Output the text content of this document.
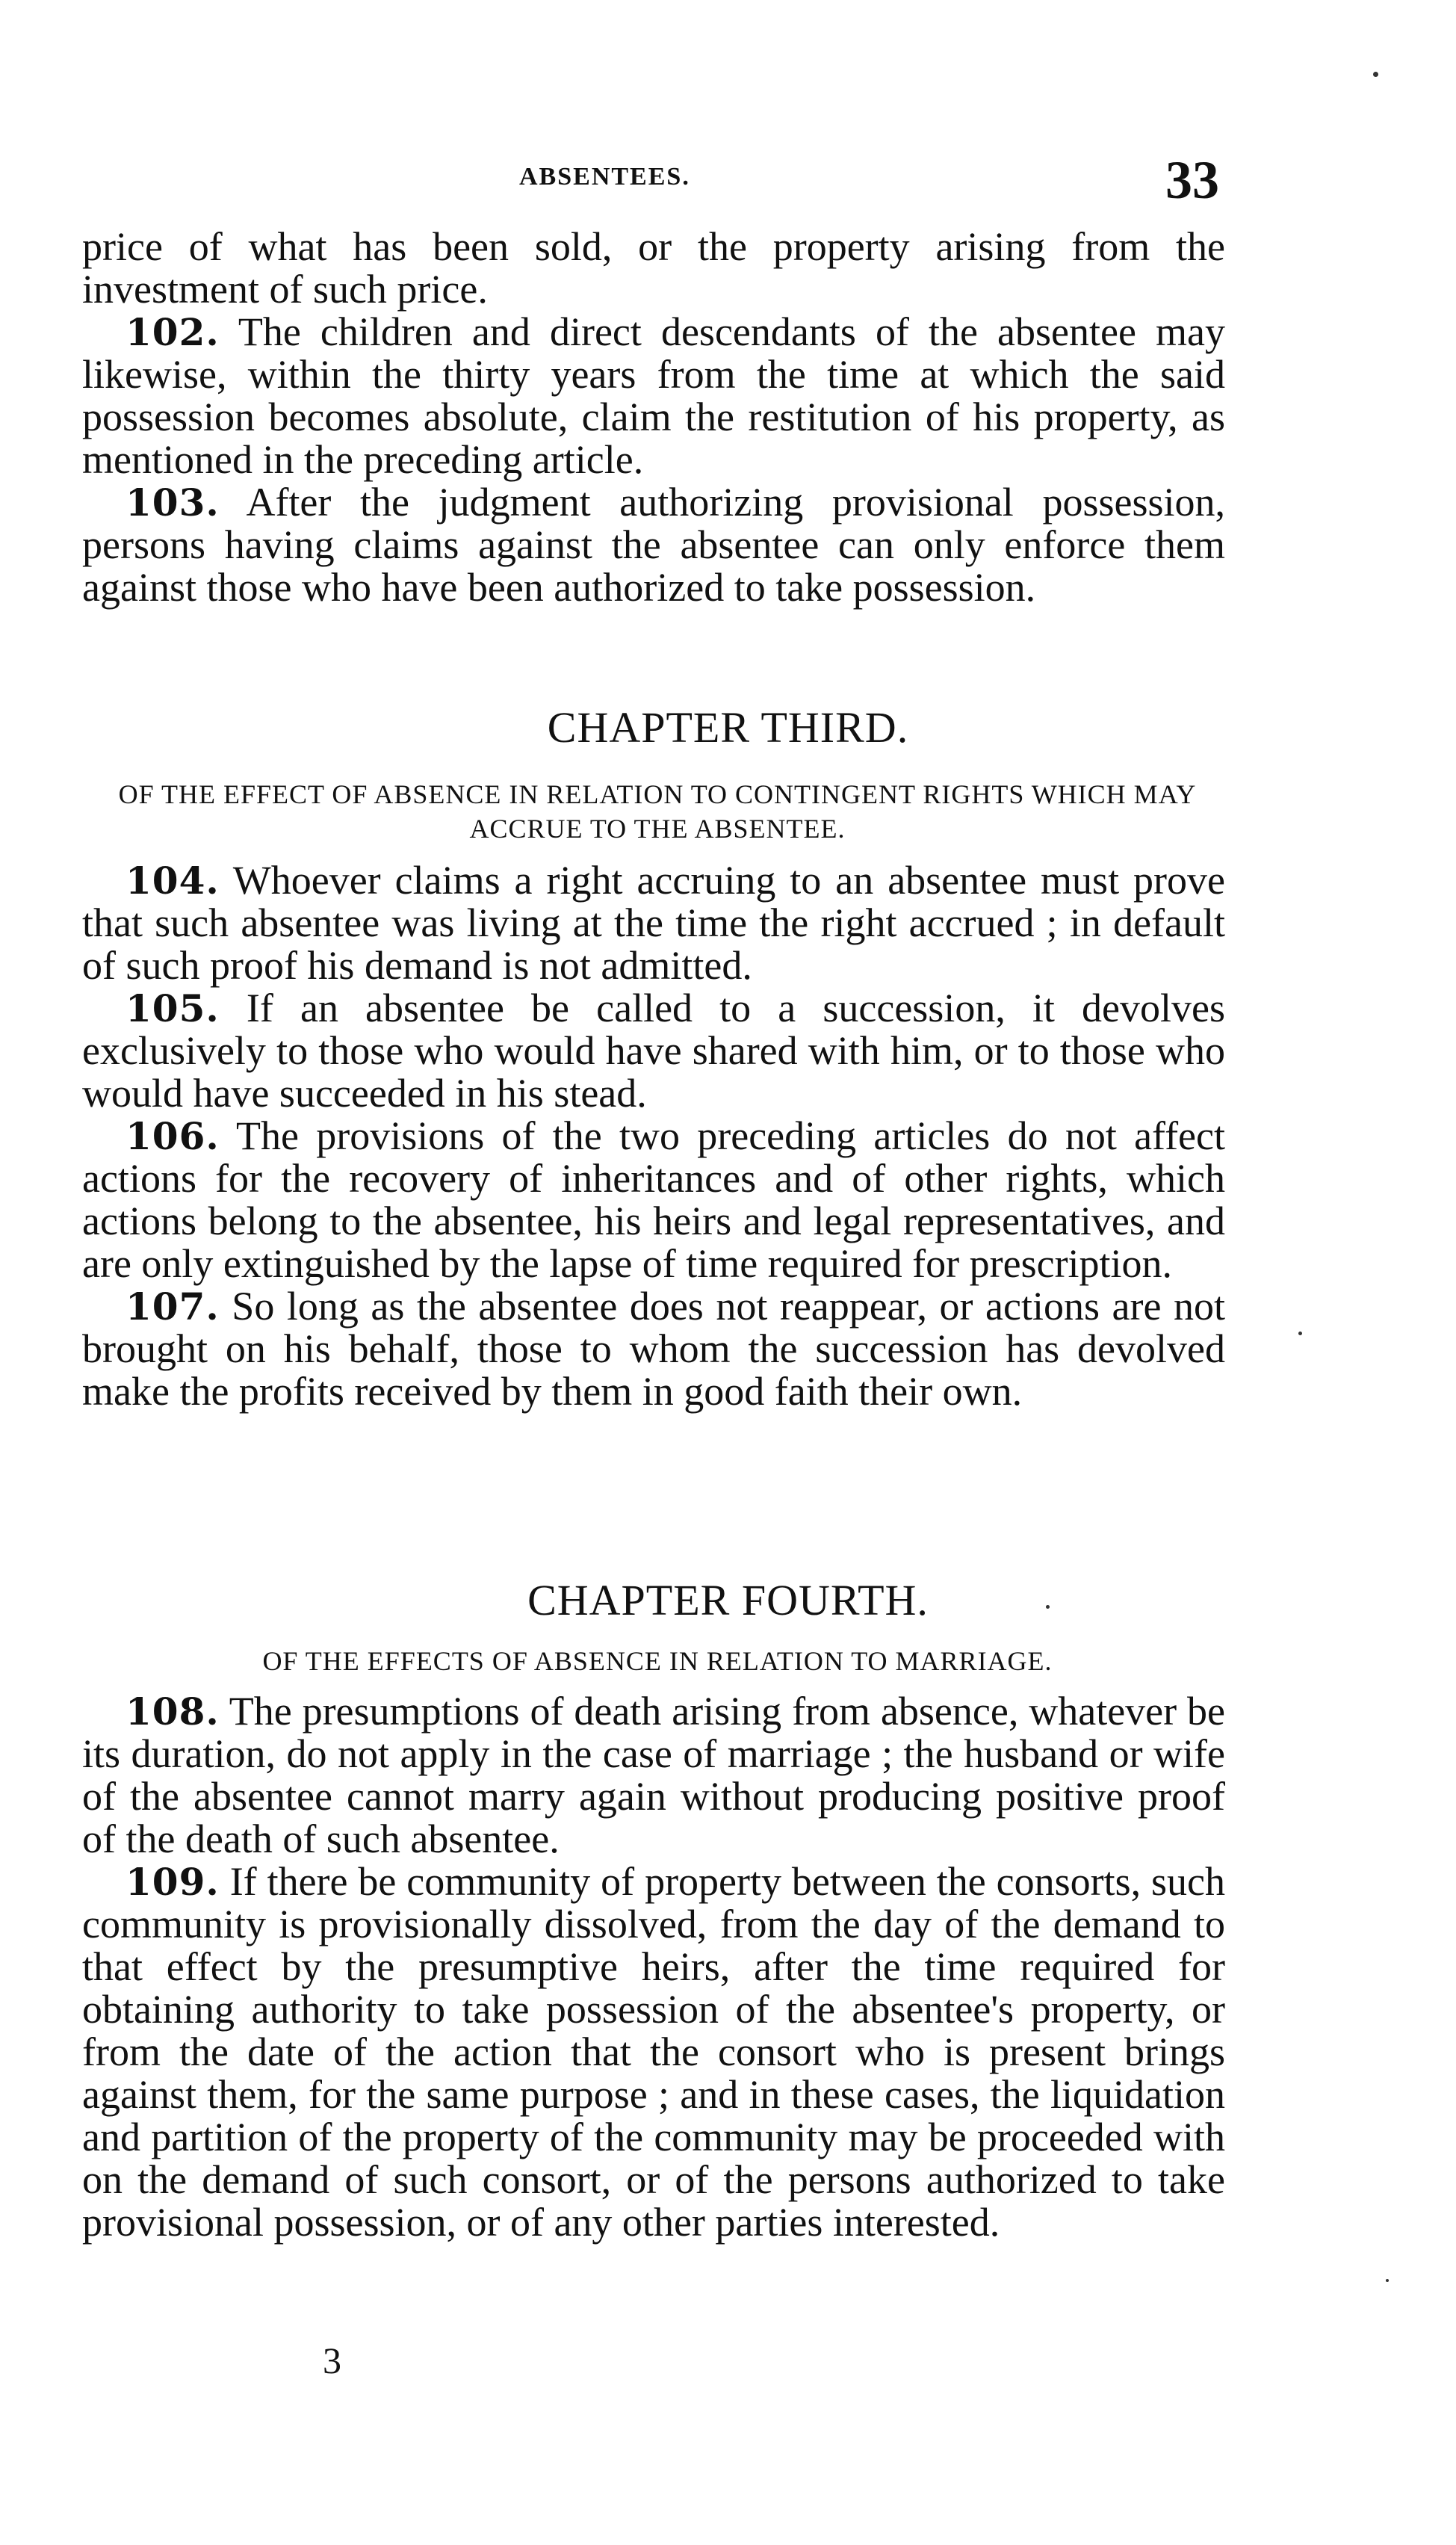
ABSENTEES.	33

price of what has been sold, or the property arising from the investment of such price.

102. The children and direct descendants of the absentee may likewise, within the thirty years from the time at which the said possession becomes absolute, claim the restitution of his property, as mentioned in the preceding article.

103. After the judgment authorizing provisional possession, persons having claims against the absentee can only enforce them against those who have been authorized to take possession.

CHAPTER THIRD.
OF THE EFFECT OF ABSENCE IN RELATION TO CONTINGENT RIGHTS WHICH MAY ACCRUE TO THE ABSENTEE.

104. Whoever claims a right accruing to an absentee must prove that such absentee was living at the time the right accrued ; in default of such proof his demand is not admitted.

105. If an absentee be called to a succession, it devolves exclusively to those who would have shared with him, or to those who would have succeeded in his stead.

106. The provisions of the two preceding articles do not affect actions for the recovery of inheritances and of other rights, which actions belong to the absentee, his heirs and legal representatives, and are only extinguished by the lapse of time required for prescription.

107. So long as the absentee does not reappear, or actions are not brought on his behalf, those to whom the succession has devolved make the profits received by them in good faith their own.

CHAPTER FOURTH.
OF THE EFFECTS OF ABSENCE IN RELATION TO MARRIAGE.

108. The presumptions of death arising from absence, whatever be its duration, do not apply in the case of marriage ; the husband or wife of the absentee cannot marry again without producing positive proof of the death of such absentee.

109. If there be community of property between the consorts, such community is provisionally dissolved, from the day of the demand to that effect by the presumptive heirs, after the time required for obtaining authority to take possession of the absentee's property, or from the date of the action that the consort who is present brings against them, for the same purpose ; and in these cases, the liquidation and partition of the property of the community may be proceeded with on the demand of such consort, or of the persons authorized to take provisional possession, or of any other parties interested.

3
